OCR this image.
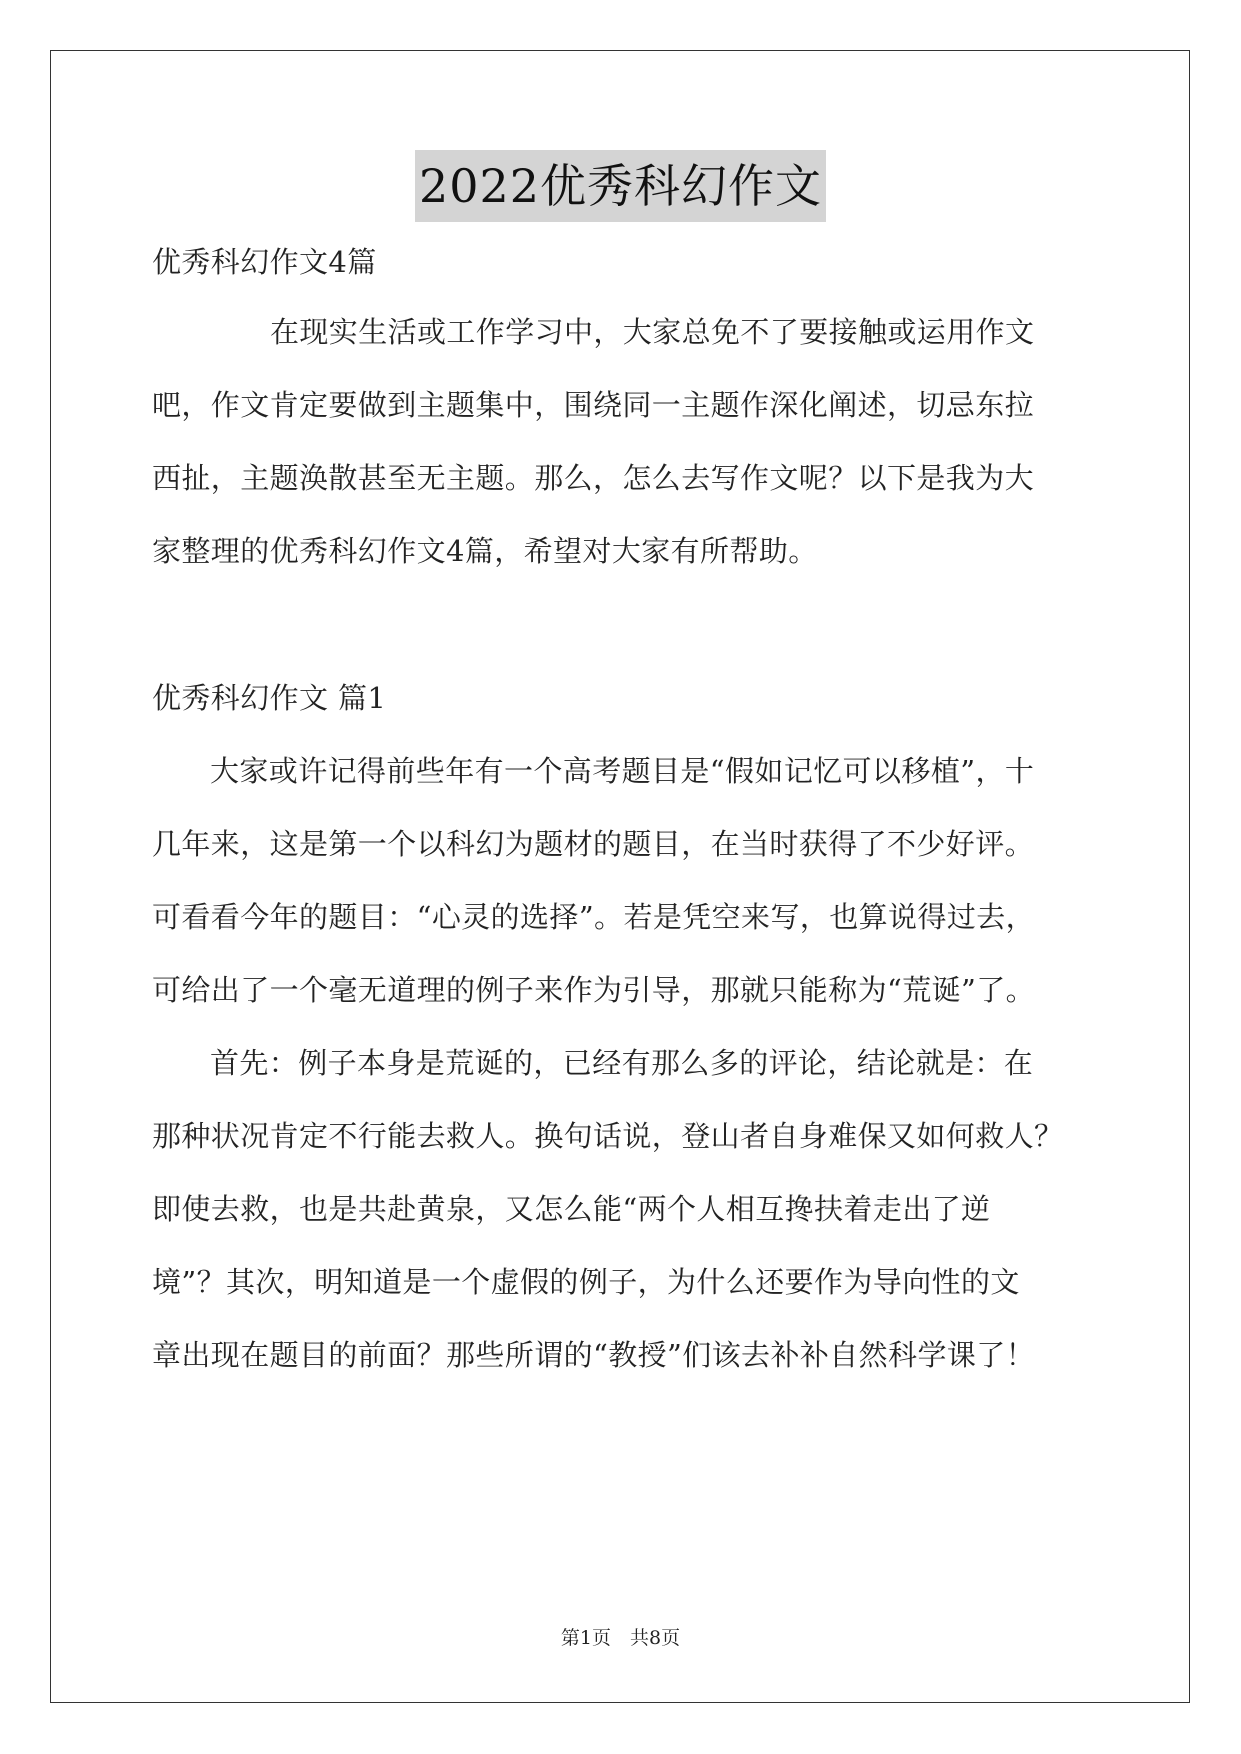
2022优秀科幻作文
优秀科幻作文4篇
在现实生活或工作学习中，大家总免不了要接触或运用作文
吧，作文肯定要做到主题集中，围绕同一主题作深化阐述，切忌东拉
西扯，主题涣散甚至无主题。那么，怎么去写作文呢？以下是我为大
家整理的优秀科幻作文4篇，希望对大家有所帮助。
优秀科幻作文 篇1
大家或许记得前些年有一个高考题目是“假如记忆可以移植”，十
几年来，这是第一个以科幻为题材的题目，在当时获得了不少好评。
可看看今年的题目：“心灵的选择”。若是凭空来写，也算说得过去，
可给出了一个毫无道理的例子来作为引导，那就只能称为“荒诞”了。
首先：例子本身是荒诞的，已经有那么多的评论，结论就是：在
那种状况肯定不行能去救人。换句话说，登山者自身难保又如何救人？
即使去救，也是共赴黄泉，又怎么能“两个人相互搀扶着走出了逆
境”？其次，明知道是一个虚假的例子，为什么还要作为导向性的文
章出现在题目的前面？那些所谓的“教授”们该去补补自然科学课了！
第1页　共8页
